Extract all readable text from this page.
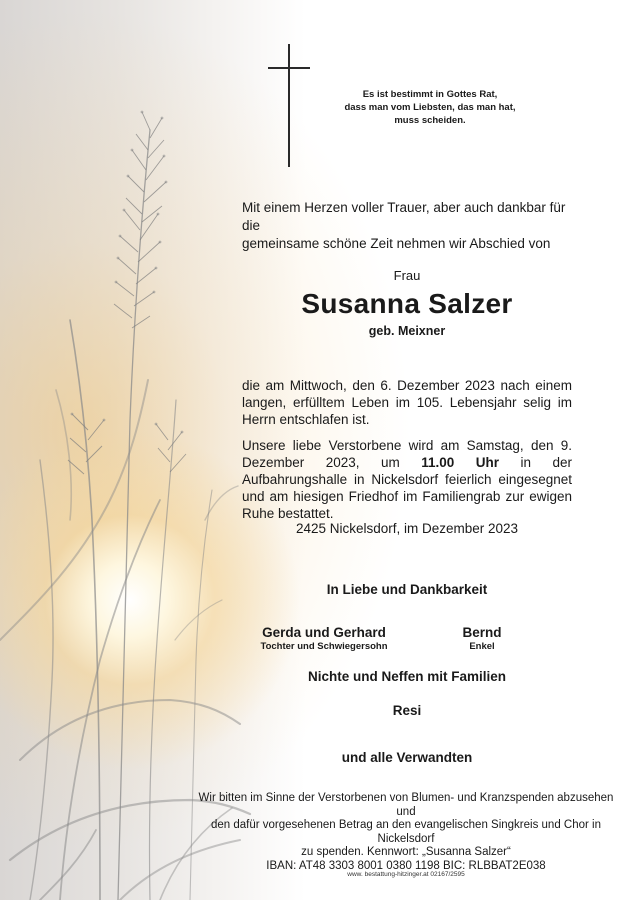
Es ist bestimmt in Gottes Rat,
dass man vom Liebsten, das man hat,
muss scheiden.
Mit einem Herzen voller Trauer, aber auch dankbar für die
gemeinsame schöne Zeit nehmen wir Abschied von
Frau
Susanna Salzer
geb. Meixner
die am Mittwoch, den 6. Dezember 2023 nach einem langen, erfülltem Leben im 105. Lebensjahr selig im Herrn entschlafen ist.
Unsere liebe Verstorbene wird am Samstag, den 9. Dezember 2023, um 11.00 Uhr in der Aufbahrungshalle in Nickelsdorf feierlich eingesegnet und am hiesigen Friedhof im Familiengrab zur ewigen Ruhe bestattet.
2425 Nickelsdorf, im Dezember 2023
In Liebe und Dankbarkeit
Gerda und Gerhard
Tochter und Schwiegersohn
Bernd
Enkel
Nichte und Neffen mit Familien
Resi
und alle Verwandten
Wir bitten im Sinne der Verstorbenen von Blumen- und Kranzspenden abzusehen und
den dafür vorgesehenen Betrag an den evangelischen Singkreis und Chor in Nickelsdorf
zu spenden. Kennwort: „Susanna Salzer“
IBAN: AT48 3303 8001 0380 1198 BIC: RLBBAT2E038
www. bestattung-hitzinger.at 02167/2595
